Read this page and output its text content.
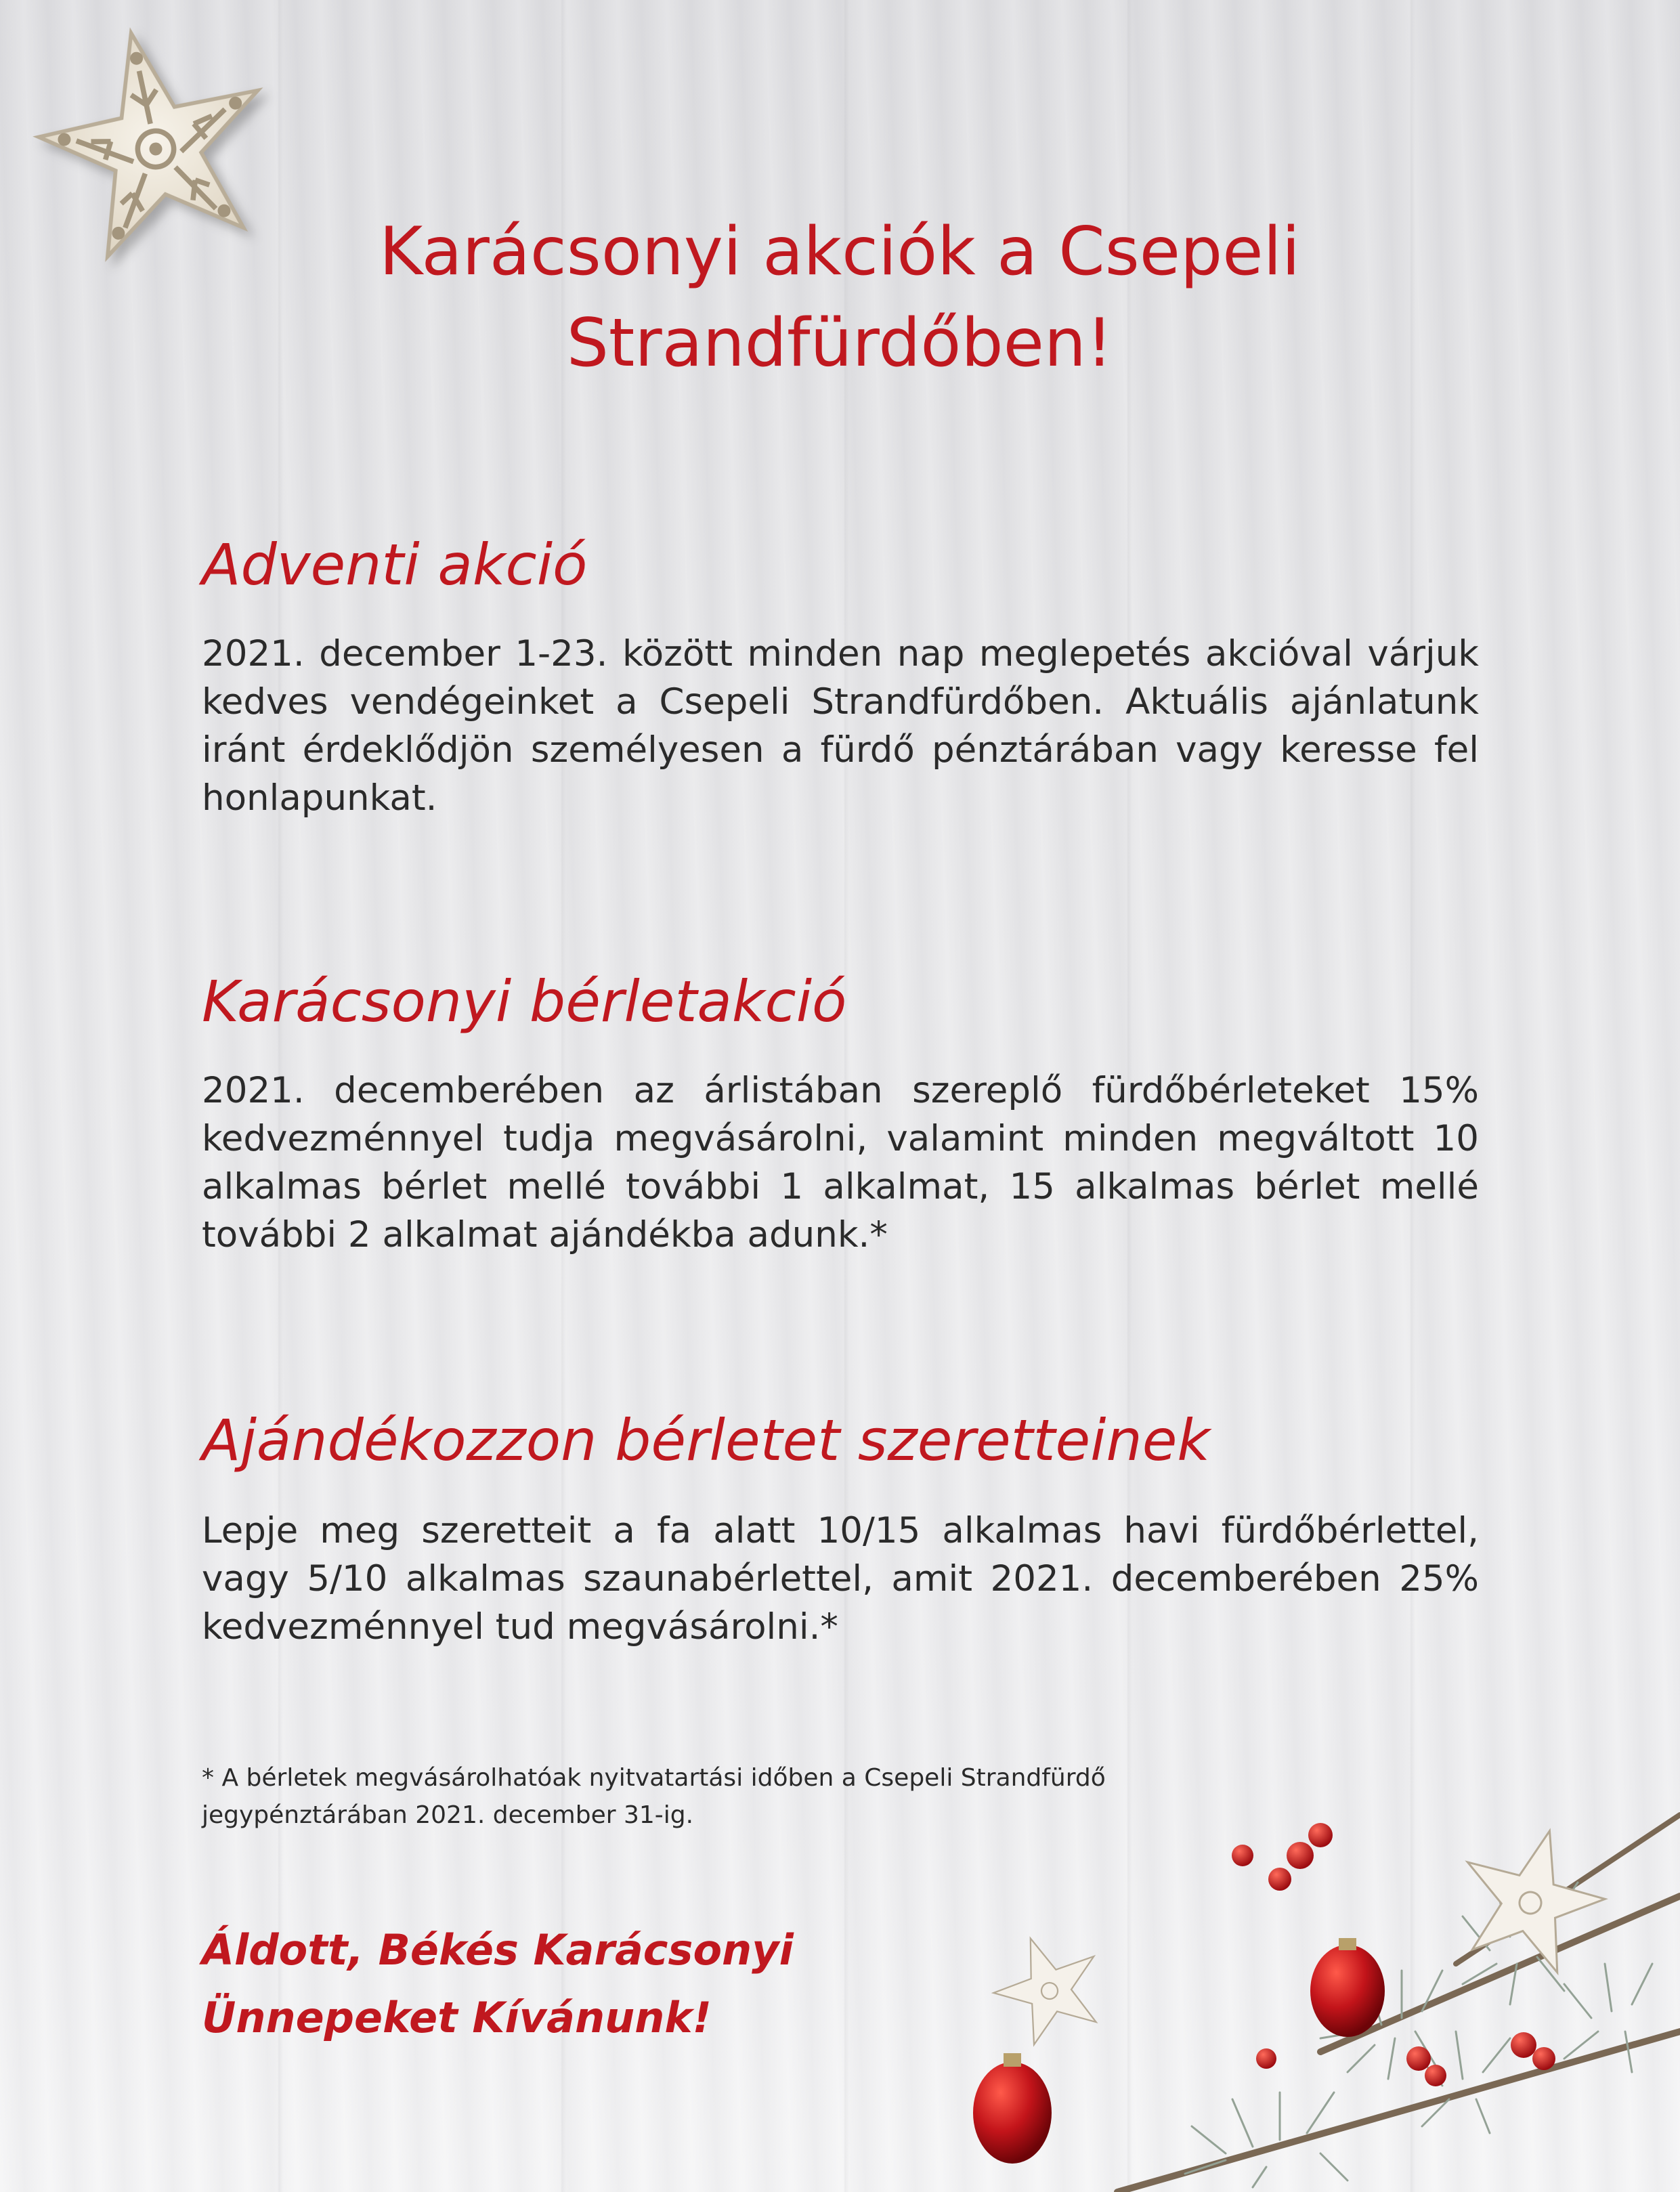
Karácsonyi akciók a Csepeli
Strandfürdőben!
Adventi akció

2021. december 1-23. között minden nap meglepetés akcióval várjuk kedves vendégeinket a Csepeli Strandfürdőben. Aktuális ajánlatunk iránt érdeklődjön személyesen a fürdő pénztárában vagy keresse fel honlapunkat.

Karácsonyi bérletakció

2021. decemberében az árlistában szereplő fürdőbérleteket 15% kedvezménnyel tudja megvásárolni, valamint minden megváltott 10 alkalmas bérlet mellé további 1 alkalmat, 15 alkalmas bérlet mellé további 2 alkalmat ajándékba adunk.*

Ajándékozzon bérletet szeretteinek

Lepje meg szeretteit a fa alatt 10/15 alkalmas havi fürdőbérlettel, vagy 5/10 alkalmas szaunabérlettel, amit 2021. decemberében 25% kedvezménnyel tud megvásárolni.*

* A bérletek megvásárolhatóak nyitvatartási időben a Csepeli Strandfürdő jegypénztárában 2021. december 31-ig.

Áldott, Békés Karácsonyi
Ünnepeket Kívánunk!
